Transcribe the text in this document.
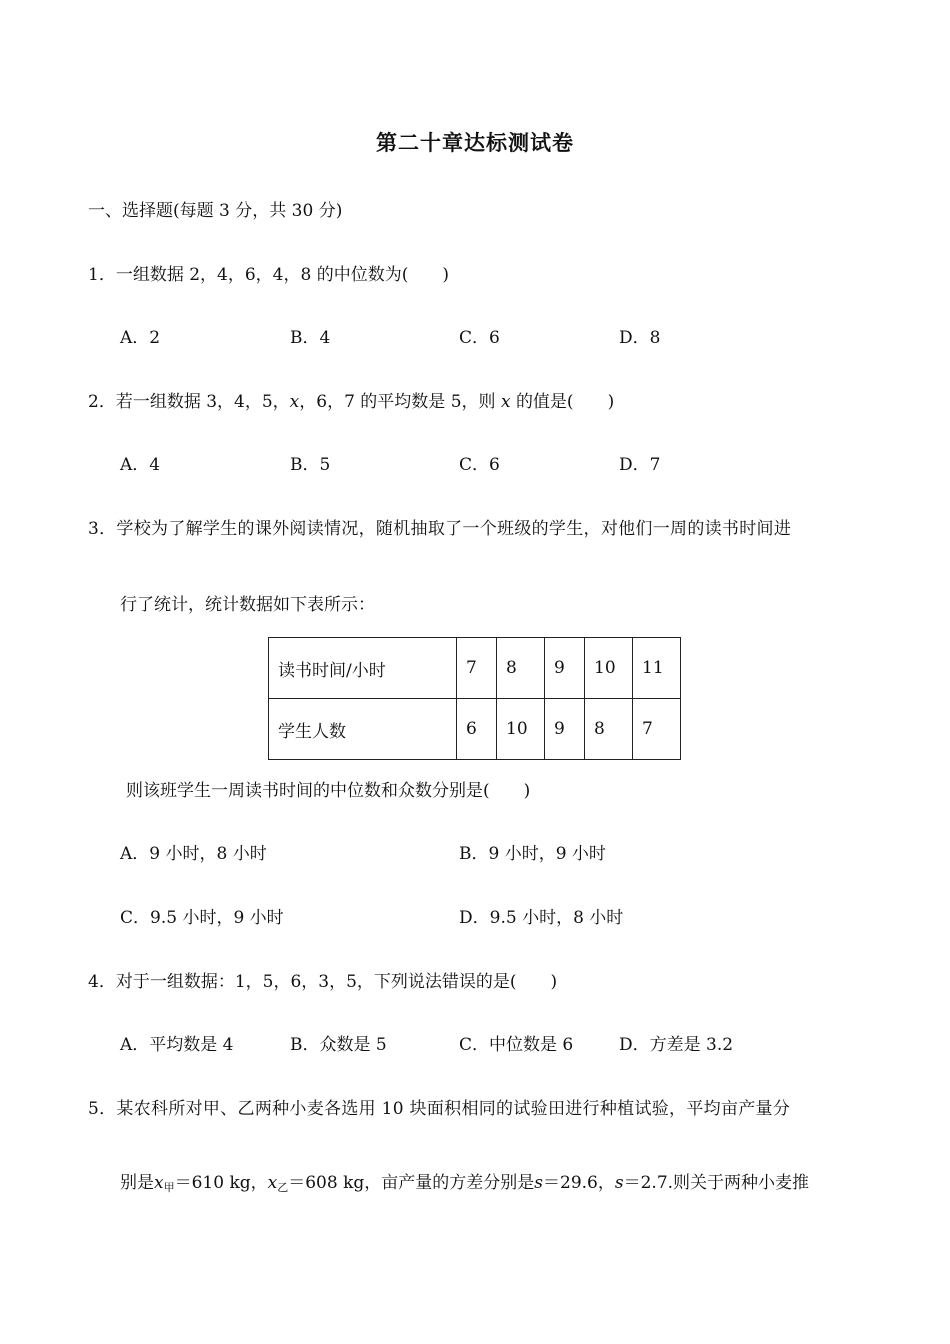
第二十章达标测试卷
一、选择题(每题 3 分，共 30 分)
1．一组数据 2，4，6，4，8 的中位数为(　　)
A．2	B．4	C．6	D．8
2．若一组数据 3，4，5，x，6，7 的平均数是 5，则 x 的值是(　　)
A．4	B．5	C．6	D．7
3．学校为了解学生的课外阅读情况，随机抽取了一个班级的学生，对他们一周的读书时间进
行了统计，统计数据如下表所示：
读书时间/小时	7	8	9	10	11
学生人数	6	10	9	8	7
则该班学生一周读书时间的中位数和众数分别是(　　)
A．9 小时，8 小时	B．9 小时，9 小时
C．9.5 小时，9 小时	D．9.5 小时，8 小时
4．对于一组数据：1，5，6，3，5，下列说法错误的是(　　)
A．平均数是 4	B．众数是 5	C．中位数是 6	D．方差是 3.2
5．某农科所对甲、乙两种小麦各选用 10 块面积相同的试验田进行种植试验，平均亩产量分
别是x甲＝610 kg，x乙＝608 kg，亩产量的方差分别是s＝29.6，s＝2.7.则关于两种小麦推
